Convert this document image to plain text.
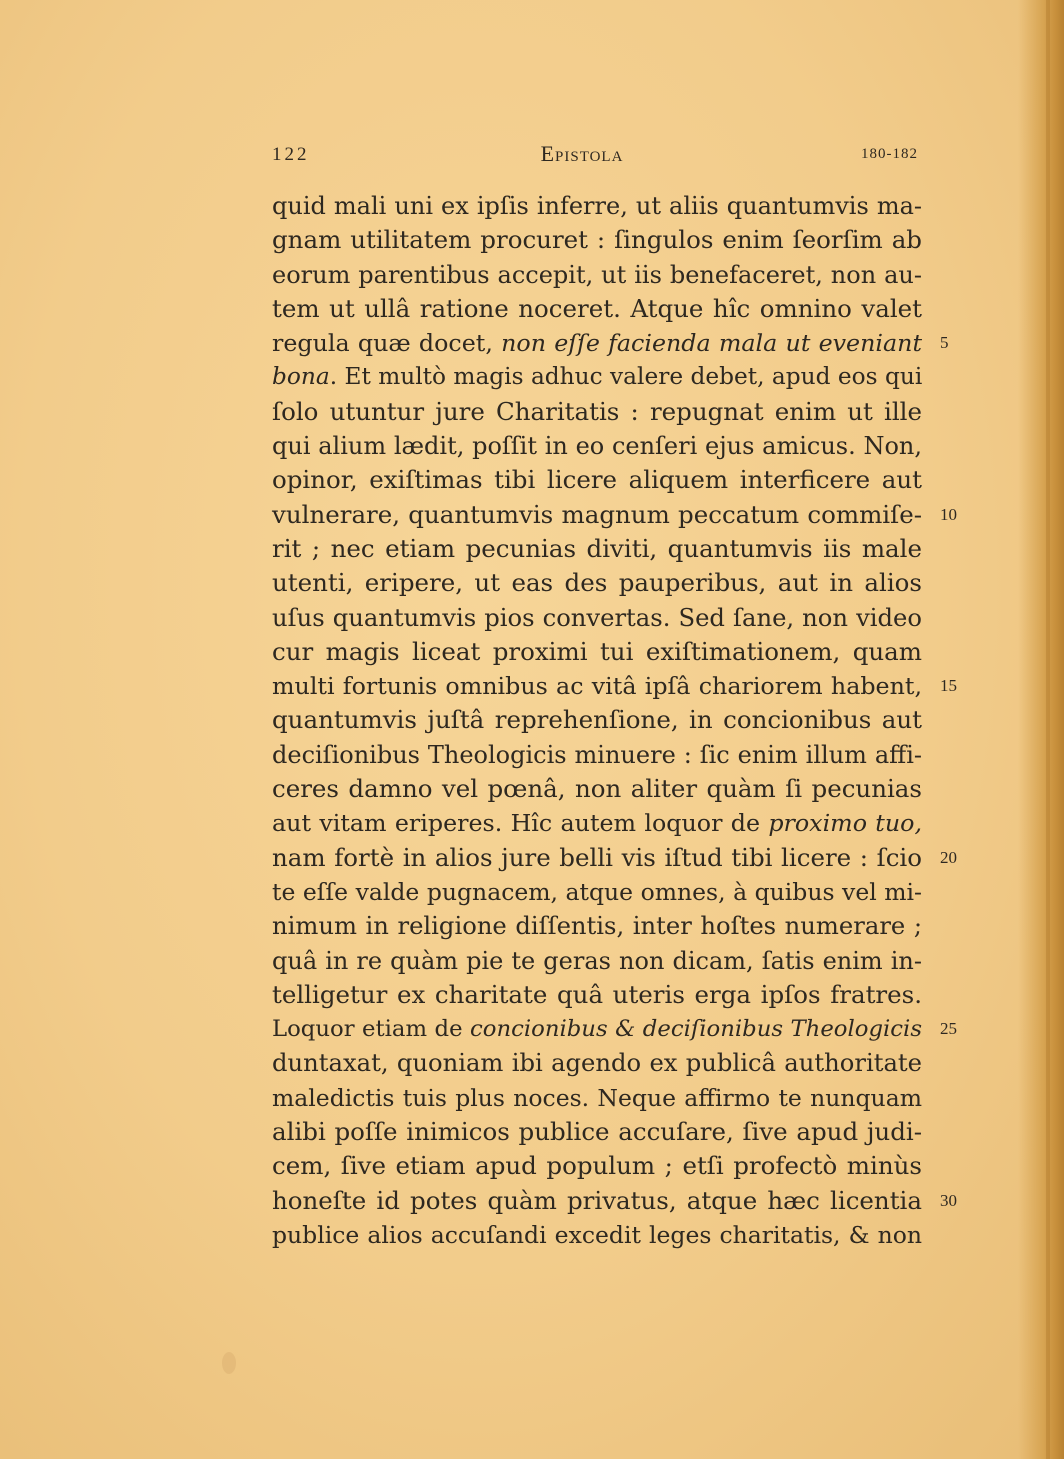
122	Epistola	180-182
quid mali uni ex ipſis inferre, ut aliis quantumvis ma-
gnam utilitatem procuret : ſingulos enim ſeorſim ab
eorum parentibus accepit, ut iis benefaceret, non au-
tem ut ullâ ratione noceret. Atque hîc omnino valet
regula quæ docet, non eſſe facienda mala ut eveniant
bona. Et multò magis adhuc valere debet, apud eos qui
ſolo utuntur jure Charitatis : repugnat enim ut ille
qui alium lædit, poſſit in eo cenſeri ejus amicus. Non,
opinor, exiſtimas tibi licere aliquem interficere aut
vulnerare, quantumvis magnum peccatum commiſe-
rit ; nec etiam pecunias diviti, quantumvis iis male
utenti, eripere, ut eas des pauperibus, aut in alios
uſus quantumvis pios convertas. Sed ſane, non video
cur magis liceat proximi tui exiſtimationem, quam
multi fortunis omnibus ac vitâ ipſâ chariorem habent,
quantumvis juſtâ reprehenſione, in concionibus aut
deciſionibus Theologicis minuere : ſic enim illum affi-
ceres damno vel pœnâ, non aliter quàm ſi pecunias
aut vitam eriperes. Hîc autem loquor de proximo tuo,
nam fortè in alios jure belli vis iſtud tibi licere : ſcio
te eſſe valde pugnacem, atque omnes, à quibus vel mi-
nimum in religione diſſentis, inter hoſtes numerare ;
quâ in re quàm pie te geras non dicam, ſatis enim in-
telligetur ex charitate quâ uteris erga ipſos fratres.
Loquor etiam de concionibus & deciſionibus Theologicis
duntaxat, quoniam ibi agendo ex publicâ authoritate
maledictis tuis plus noces. Neque affirmo te nunquam
alibi poſſe inimicos publice accuſare, ſive apud judi-
cem, ſive etiam apud populum ; etſi profectò minùs
honeſte id potes quàm privatus, atque hæc licentia
publice alios accuſandi excedit leges charitatis, & non
5
10
15
20
25
30
